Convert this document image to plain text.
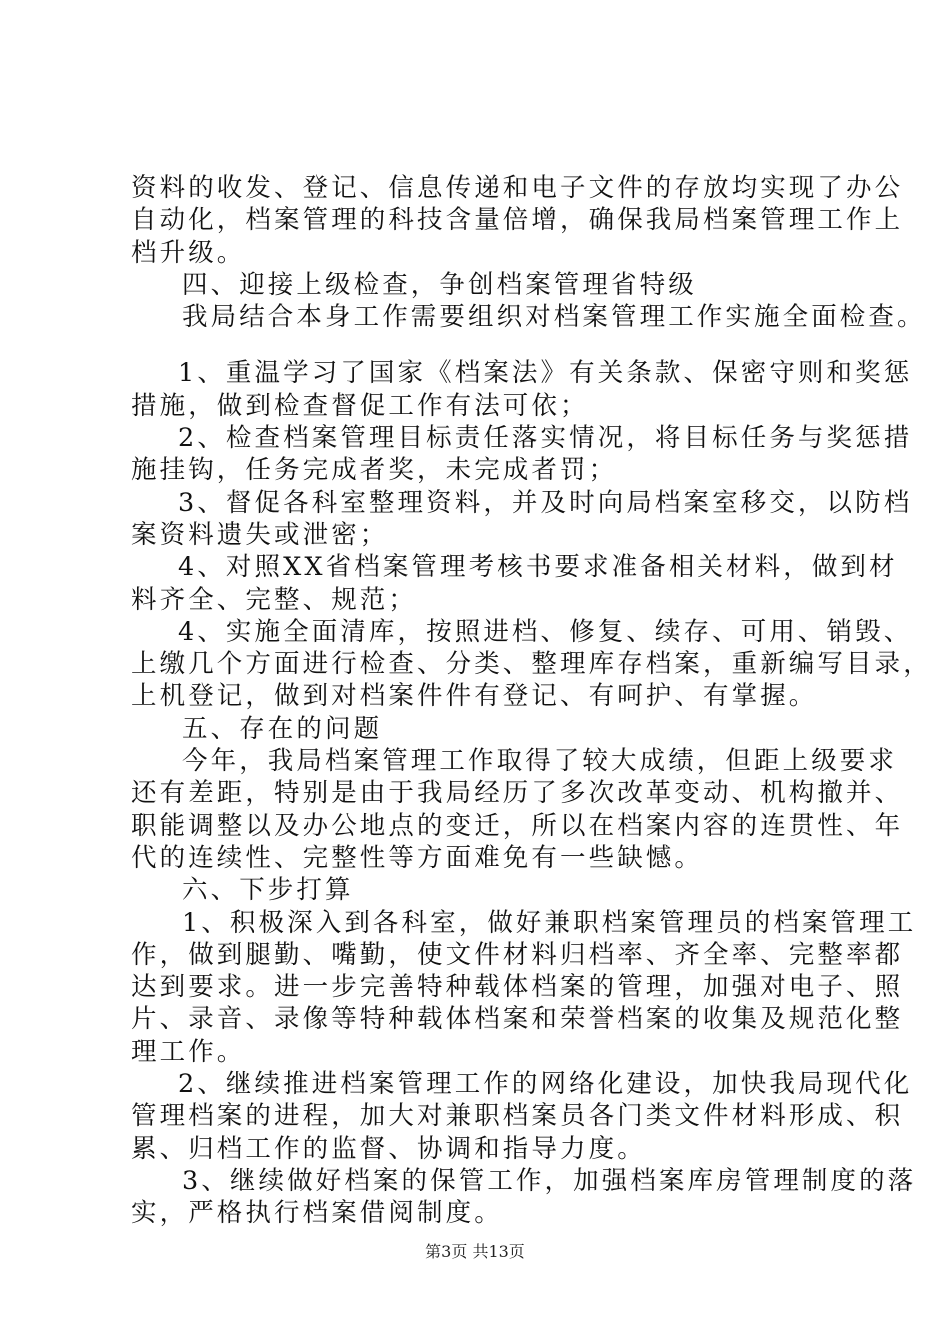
资料的收发、登记、信息传递和电子文件的存放均实现了办公
自动化，档案管理的科技含量倍增，确保我局档案管理工作上
档升级。
四、迎接上级检查，争创档案管理省特级
我局结合本身工作需要组织对档案管理工作实施全面检查。
1、重温学习了国家《档案法》有关条款、保密守则和奖惩
措施，做到检查督促工作有法可依；
2、检查档案管理目标责任落实情况，将目标任务与奖惩措
施挂钩，任务完成者奖，未完成者罚；
3、督促各科室整理资料，并及时向局档案室移交，以防档
案资料遗失或泄密；
4、对照XX省档案管理考核书要求准备相关材料，做到材
料齐全、完整、规范；
4、实施全面清库，按照进档、修复、续存、可用、销毁、
上缴几个方面进行检查、分类、整理库存档案，重新编写目录，
上机登记，做到对档案件件有登记、有呵护、有掌握。
五、存在的问题
今年，我局档案管理工作取得了较大成绩，但距上级要求
还有差距，特别是由于我局经历了多次改革变动、机构撤并、
职能调整以及办公地点的变迁，所以在档案内容的连贯性、年
代的连续性、完整性等方面难免有一些缺憾。
六、下步打算
1、积极深入到各科室，做好兼职档案管理员的档案管理工
作，做到腿勤、嘴勤，使文件材料归档率、齐全率、完整率都
达到要求。进一步完善特种载体档案的管理，加强对电子、照
片、录音、录像等特种载体档案和荣誉档案的收集及规范化整
理工作。
2、继续推进档案管理工作的网络化建设，加快我局现代化
管理档案的进程，加大对兼职档案员各门类文件材料形成、积
累、归档工作的监督、协调和指导力度。
3、继续做好档案的保管工作，加强档案库房管理制度的落
实，严格执行档案借阅制度。
第3页 共13页
